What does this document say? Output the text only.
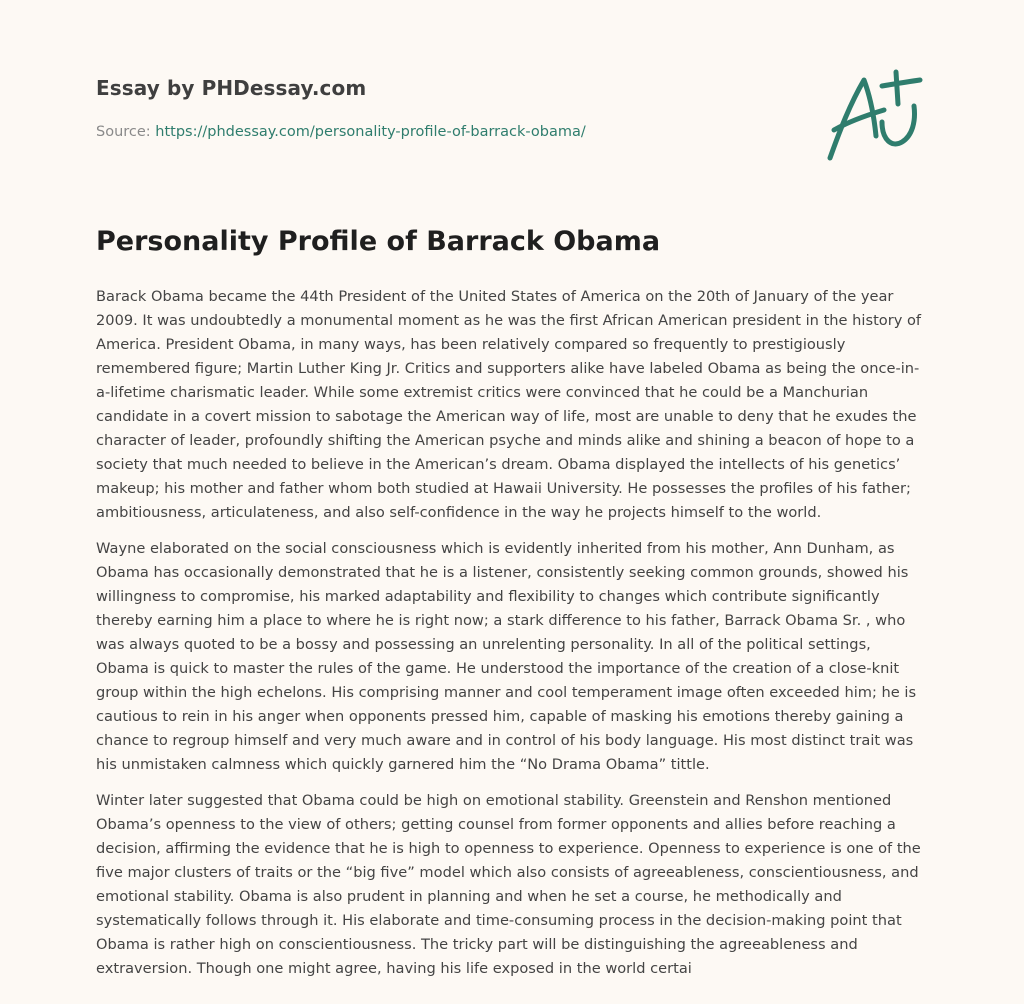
Essay by PHDessay.com
Source: https://phdessay.com/personality-profile-of-barrack-obama/
Personality Profile of Barrack Obama

Barack Obama became the 44th President of the United States of America on the 20th of January of the year
2009. It was undoubtedly a monumental moment as he was the first African American president in the history of
America. President Obama, in many ways, has been relatively compared so frequently to prestigiously
remembered figure; Martin Luther King Jr. Critics and supporters alike have labeled Obama as being the once-in-
a-lifetime charismatic leader. While some extremist critics were convinced that he could be a Manchurian
candidate in a covert mission to sabotage the American way of life, most are unable to deny that he exudes the
character of leader, profoundly shifting the American psyche and minds alike and shining a beacon of hope to a
society that much needed to believe in the American’s dream. Obama displayed the intellects of his genetics’
makeup; his mother and father whom both studied at Hawaii University. He possesses the profiles of his father;
ambitiousness, articulateness, and also self-confidence in the way he projects himself to the world.

Wayne elaborated on the social consciousness which is evidently inherited from his mother, Ann Dunham, as
Obama has occasionally demonstrated that he is a listener, consistently seeking common grounds, showed his
willingness to compromise, his marked adaptability and flexibility to changes which contribute significantly
thereby earning him a place to where he is right now; a stark difference to his father, Barrack Obama Sr. , who
was always quoted to be a bossy and possessing an unrelenting personality. In all of the political settings,
Obama is quick to master the rules of the game. He understood the importance of the creation of a close-knit
group within the high echelons. His comprising manner and cool temperament image often exceeded him; he is
cautious to rein in his anger when opponents pressed him, capable of masking his emotions thereby gaining a
chance to regroup himself and very much aware and in control of his body language. His most distinct trait was
his unmistaken calmness which quickly garnered him the “No Drama Obama” tittle.

Winter later suggested that Obama could be high on emotional stability. Greenstein and Renshon mentioned
Obama’s openness to the view of others; getting counsel from former opponents and allies before reaching a
decision, affirming the evidence that he is high to openness to experience. Openness to experience is one of the
five major clusters of traits or the “big five” model which also consists of agreeableness, conscientiousness, and
emotional stability. Obama is also prudent in planning and when he set a course, he methodically and
systematically follows through it. His elaborate and time-consuming process in the decision-making point that
Obama is rather high on conscientiousness. The tricky part will be distinguishing the agreeableness and
extraversion. Though one might agree, having his life exposed in the world certai
